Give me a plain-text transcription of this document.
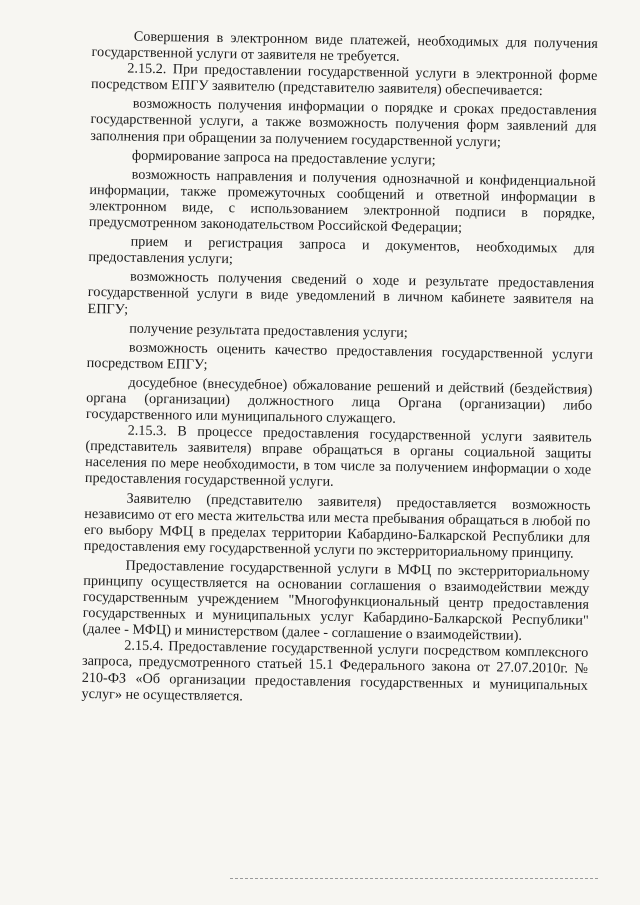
Совершения в электронном виде платежей, необходимых для получения государственной услуги от заявителя не требуется.

2.15.2. При предоставлении государственной услуги в электронной форме посредством ЕПГУ заявителю (представителю заявителя) обеспечивается:

возможность получения информации о порядке и сроках предоставления государственной услуги, а также возможность получения форм заявлений для заполнения при обращении за получением государственной услуги;

формирование запроса на предоставление услуги;

возможность направления и получения однозначной и конфиденциальной информации, также промежуточных сообщений и ответной информации в электронном виде, с использованием электронной подписи в порядке, предусмотренном законодательством Российской Федерации;

прием и регистрация запроса и документов, необходимых для предоставления услуги;

возможность получения сведений о ходе и результате предоставления государственной услуги в виде уведомлений в личном кабинете заявителя на ЕПГУ;

получение результата предоставления услуги;

возможность оценить качество предоставления государственной услуги посредством ЕПГУ;

досудебное (внесудебное) обжалование решений и действий (бездействия) органа (организации) должностного лица Органа (организации) либо государственного или муниципального служащего.

2.15.3. В процессе предоставления государственной услуги заявитель (представитель заявителя) вправе обращаться в органы социальной защиты населения по мере необходимости, в том числе за получением информации о ходе предоставления государственной услуги.

Заявителю (представителю заявителя) предоставляется возможность независимо от его места жительства или места пребывания обращаться в любой по его выбору МФЦ в пределах территории Кабардино-Балкарской Республики для предоставления ему государственной услуги по экстерриториальному принципу.

Предоставление государственной услуги в МФЦ по экстерриториальному принципу осуществляется на основании соглашения о взаимодействии между государственным учреждением "Многофункциональный центр предоставления государственных и муниципальных услуг Кабардино-Балкарской Республики" (далее - МФЦ) и министерством (далее - соглашение о взаимодействии).

2.15.4. Предоставление государственной услуги посредством комплексного запроса, предусмотренного статьей 15.1 Федерального закона от 27.07.2010г. № 210-ФЗ «Об организации предоставления государственных и муниципальных услуг» не осуществляется.
